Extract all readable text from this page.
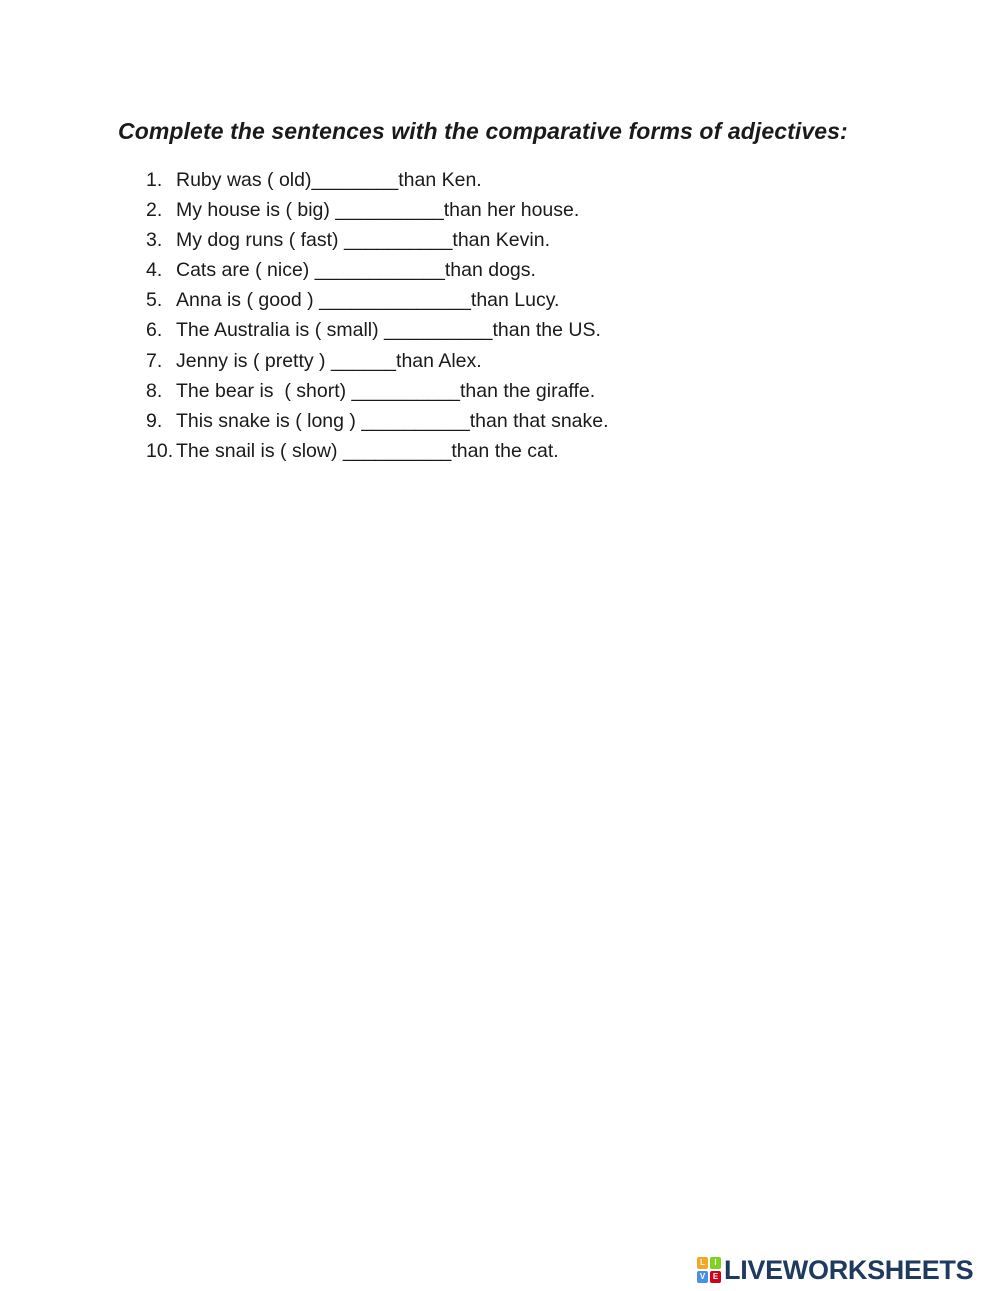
Complete the sentences with the comparative forms of adjectives:
1. Ruby was ( old)________than Ken.
2. My house is ( big) __________than her house.
3. My dog runs ( fast) __________than Kevin.
4. Cats are ( nice) ____________than dogs.
5. Anna is ( good ) ______________than Lucy.
6. The Australia is ( small) __________than the US.
7. Jenny is ( pretty ) ______than Alex.
8. The bear is  ( short) __________than the giraffe.
9. This snake is ( long ) __________than that snake.
10. The snail is ( slow) __________than the cat.
L	I
V E LIVEWORKSHEETS
